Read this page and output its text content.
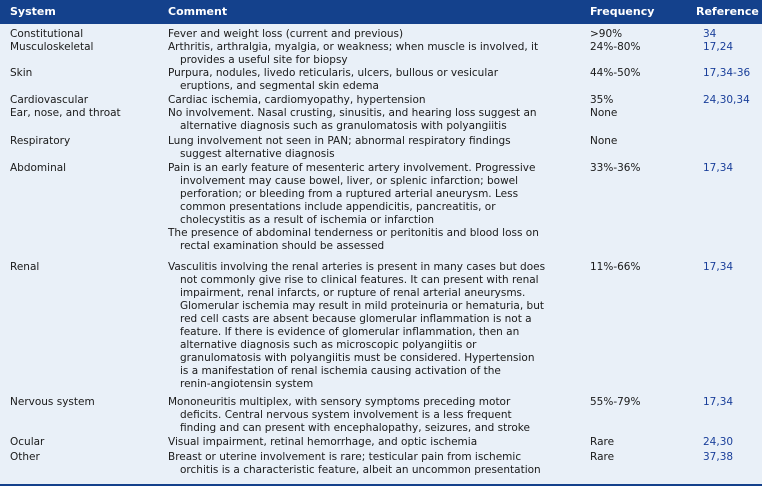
System	Comment	Frequency	Reference
Constitutional	Fever and weight loss (current and previous)	>90%	34
Musculoskeletal	Arthritis, arthralgia, myalgia, or weakness; when muscle is involved, it
provides a useful site for biopsy
24%-80%	17,24
Skin	Purpura, nodules, livedo reticularis, ulcers, bullous or vesicular
eruptions, and segmental skin edema
44%-50%	17,34-36
Cardiovascular	Cardiac ischemia, cardiomyopathy, hypertension	35%	24,30,34
Ear, nose, and throat	No involvement. Nasal crusting, sinusitis, and hearing loss suggest an
alternative diagnosis such as granulomatosis with polyangiitis
None
Respiratory	Lung involvement not seen in PAN; abnormal respiratory findings
suggest alternative diagnosis
None
Abdominal	Pain is an early feature of mesenteric artery involvement. Progressive
involvement may cause bowel, liver, or splenic infarction; bowel
perforation; or bleeding from a ruptured arterial aneurysm. Less
common presentations include appendicitis, pancreatitis, or
cholecystitis as a result of ischemia or infarction
The presence of abdominal tenderness or peritonitis and blood loss on
rectal examination should be assessed
33%-36%	17,34
Renal	Vasculitis involving the renal arteries is present in many cases but does
not commonly give rise to clinical features. It can present with renal
impairment, renal infarcts, or rupture of renal arterial aneurysms.
Glomerular ischemia may result in mild proteinuria or hematuria, but
red cell casts are absent because glomerular inflammation is not a
feature. If there is evidence of glomerular inflammation, then an
alternative diagnosis such as microscopic polyangiitis or
granulomatosis with polyangiitis must be considered. Hypertension
is a manifestation of renal ischemia causing activation of the
renin-angiotensin system
11%-66%	17,34
Nervous system	Mononeuritis multiplex, with sensory symptoms preceding motor
deficits. Central nervous system involvement is a less frequent
finding and can present with encephalopathy, seizures, and stroke
55%-79%	17,34
Ocular	Visual impairment, retinal hemorrhage, and optic ischemia	Rare	24,30
Other	Breast or uterine involvement is rare; testicular pain from ischemic
orchitis is a characteristic feature, albeit an uncommon presentation
Rare	37,38
